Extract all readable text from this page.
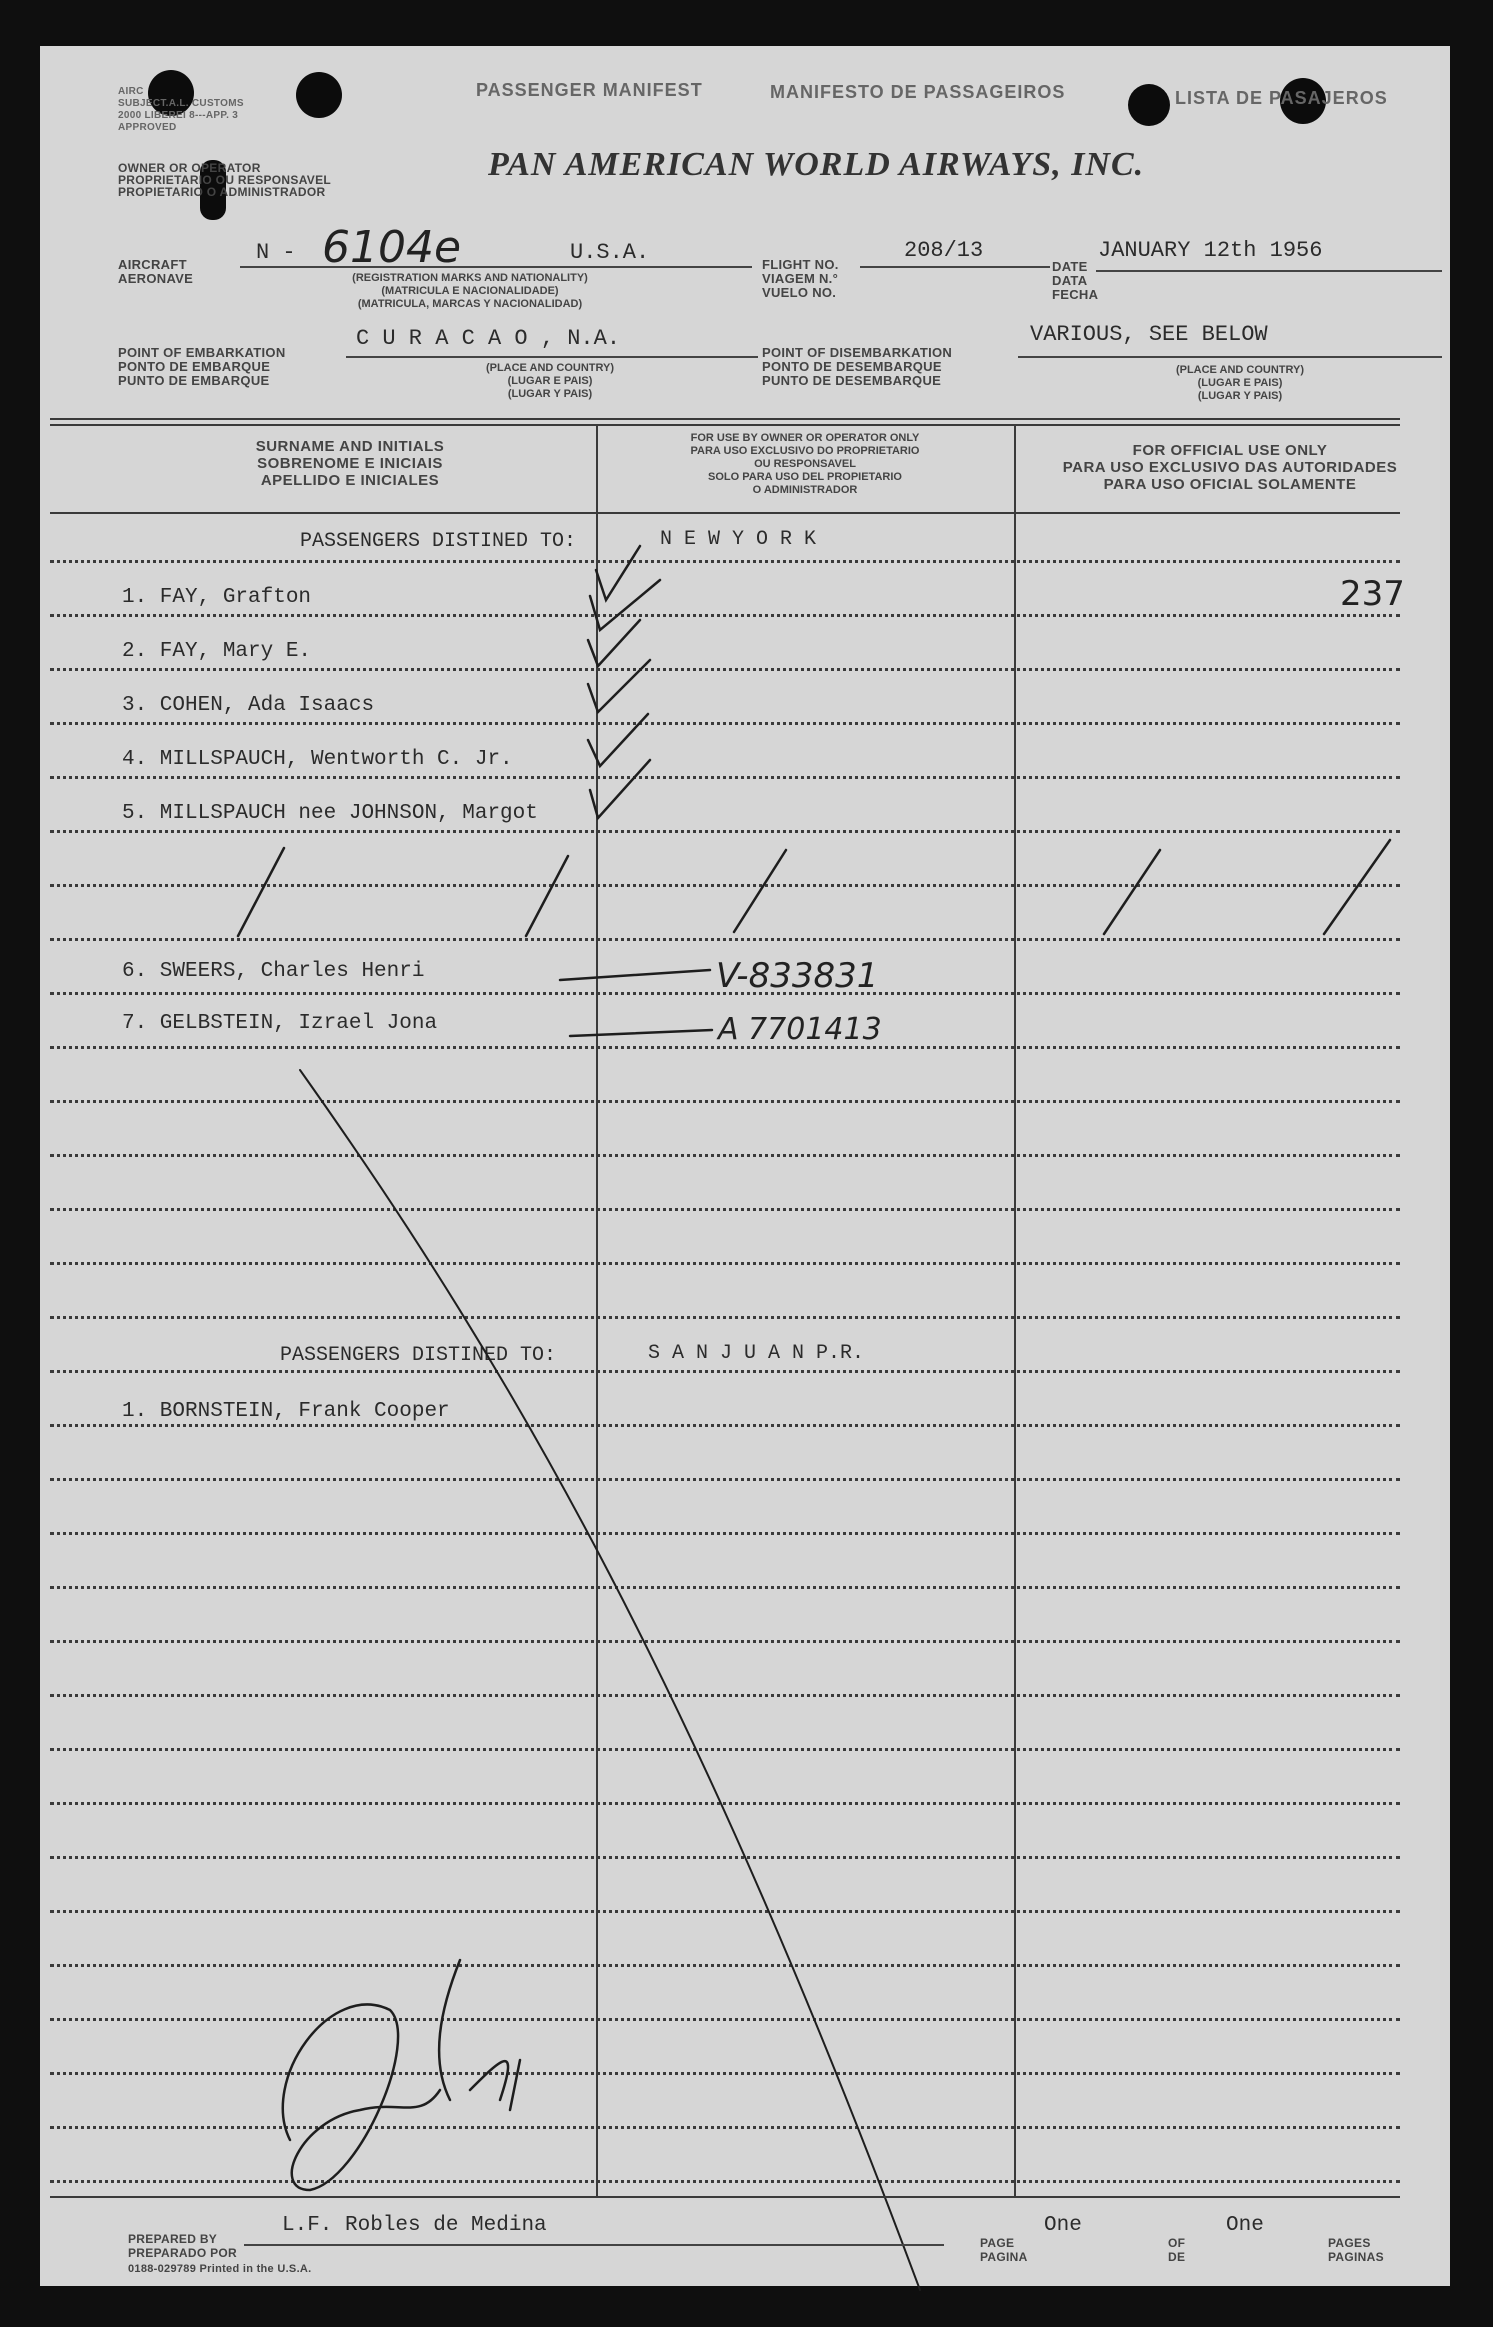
AIRC
SUBJECT.A.L. CUSTOMS
2000 LIBEREI 8---APP. 3
APPROVED
PASSENGER MANIFEST	MANIFESTO DE PASSAGEIROS	LISTA DE PASAJEROS
OWNER OR OPERATOR
PROPRIETARIO OU RESPONSAVEL
PROPIETARIO O ADMINISTRADOR
PAN AMERICAN WORLD AIRWAYS, INC.
AIRCRAFT
AERONAVE
N - 6104e	U.S.A.
(REGISTRATION MARKS AND NATIONALITY)
(MATRICULA E NACIONALIDADE)
(MATRICULA, MARCAS Y NACIONALIDAD)
FLIGHT NO.
VIAGEM N.°
VUELO NO.
208/13
DATE
DATA
FECHA
JANUARY 12th 1956
POINT OF EMBARKATION
PONTO DE EMBARQUE
PUNTO DE EMBARQUE
C U R A C A O , N.A.
(PLACE AND COUNTRY)
(LUGAR E PAIS)
(LUGAR Y PAIS)
POINT OF DISEMBARKATION
PONTO DE DESEMBARQUE
PUNTO DE DESEMBARQUE
VARIOUS, SEE BELOW
(PLACE AND COUNTRY)
(LUGAR E PAIS)
(LUGAR Y PAIS)
SURNAME AND INITIALS
SOBRENOME E INICIAIS
APELLIDO E INICIALES
FOR USE BY OWNER OR OPERATOR ONLY
PARA USO EXCLUSIVO DO PROPRIETARIO
OU RESPONSAVEL
SOLO PARA USO DEL PROPIETARIO
O ADMINISTRADOR
FOR OFFICIAL USE ONLY
PARA USO EXCLUSIVO DAS AUTORIDADES
PARA USO OFICIAL SOLAMENTE
PASSENGERS DISTINED TO:	N E W Y O R K
237
1. FAY, Grafton
2. FAY, Mary E.
3. COHEN, Ada Isaacs
4. MILLSPAUCH, Wentworth C. Jr.
5. MILLSPAUCH nee JOHNSON, Margot
6. SWEERS, Charles Henri	V-833831
7. GELBSTEIN, Izrael Jona	A 7701413
PASSENGERS DISTINED TO:	S A N J U A N P.R.
1. BORNSTEIN, Frank Cooper
PREPARED BY
PREPARADO POR
L.F. Robles de Medina
0188-029789 Printed in the U.S.A.
PAGE
PAGINA
One
OF
DE
One
PAGES
PAGINAS
